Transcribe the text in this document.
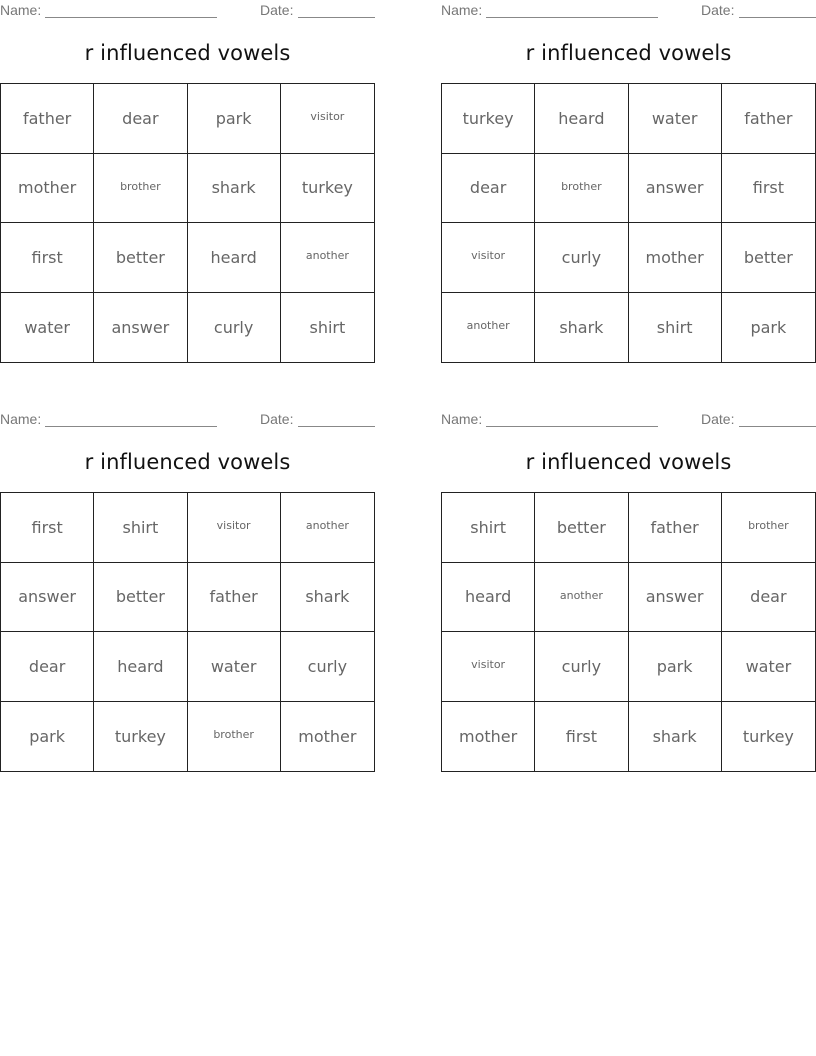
Name:	Date:
r influenced vowels
father	dear	park	visitor
mother	brother	shark	turkey
first	better	heard	another
water	answer	curly	shirt
Name:	Date:
r influenced vowels
turkey	heard	water	father
dear	brother	answer	first
visitor	curly	mother	better
another	shark	shirt	park
Name:	Date:
r influenced vowels
first	shirt	visitor	another
answer	better	father	shark
dear	heard	water	curly
park	turkey	brother	mother
Name:	Date:
r influenced vowels
shirt	better	father	brother
heard	another	answer	dear
visitor	curly	park	water
mother	first	shark	turkey
